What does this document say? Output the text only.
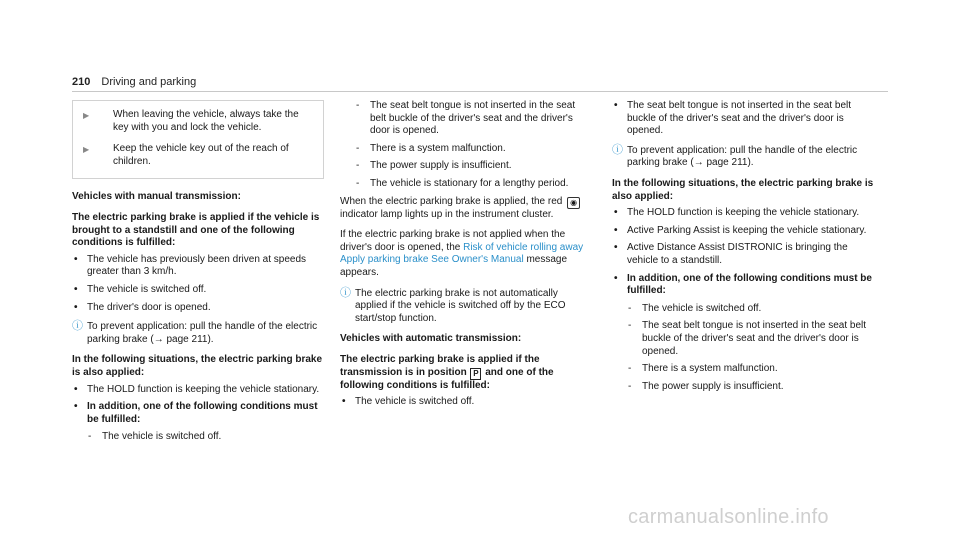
210 Driving and parking
▶ When leaving the vehicle, always take the key with you and lock the vehicle.
▶ Keep the vehicle key out of the reach of children.
Vehicles with manual transmission:
The electric parking brake is applied if the vehicle is brought to a standstill and one of the following conditions is fulfilled:
• The vehicle has previously been driven at speeds greater than 3 km/h.
• The vehicle is switched off.
• The driver's door is opened.
ⓘ To prevent application: pull the handle of the electric parking brake (→ page 211).
In the following situations, the electric parking brake is also applied:
• The HOLD function is keeping the vehicle stationary.
• In addition, one of the following conditions must be fulfilled:
- The vehicle is switched off.
- The seat belt tongue is not inserted in the seat belt buckle of the driver's seat and the driver's door is opened.
- There is a system malfunction.
- The power supply is insufficient.
- The vehicle is stationary for a lengthy period.
When the electric parking brake is applied, the red ◉ indicator lamp lights up in the instrument cluster.
If the electric parking brake is not applied when the driver's door is opened, the Risk of vehicle rolling away Apply parking brake See Owner's Manual message appears.
ⓘ The electric parking brake is not automatically applied if the vehicle is switched off by the ECO start/stop function.
Vehicles with automatic transmission:
The electric parking brake is applied if the transmission is in position P and one of the following conditions is fulfilled:
• The vehicle is switched off.
• The seat belt tongue is not inserted in the seat belt buckle of the driver's seat and the driver's door is opened.
ⓘ To prevent application: pull the handle of the electric parking brake (→ page 211).
In the following situations, the electric parking brake is also applied:
• The HOLD function is keeping the vehicle stationary.
• Active Parking Assist is keeping the vehicle stationary.
• Active Distance Assist DISTRONIC is bringing the vehicle to a standstill.
• In addition, one of the following conditions must be fulfilled:
- The vehicle is switched off.
- The seat belt tongue is not inserted in the seat belt buckle of the driver's seat and the driver's door is opened.
- There is a system malfunction.
- The power supply is insufficient.
carmanualsonline.info
